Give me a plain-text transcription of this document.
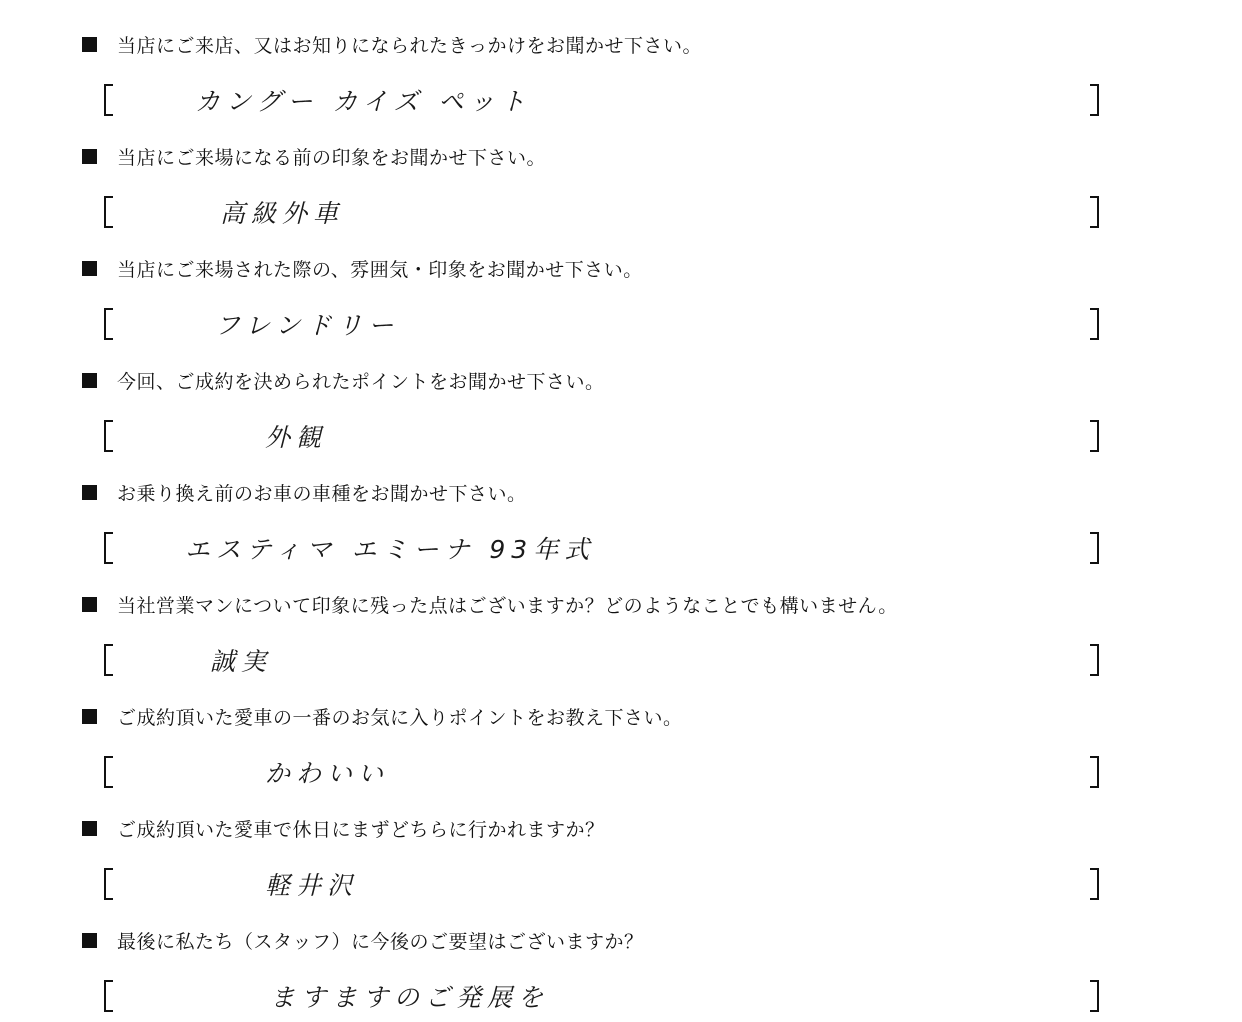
当店にご来店、又はお知りになられたきっかけをお聞かせ下さい。
カングー カイズ ペット
当店にご来場になる前の印象をお聞かせ下さい。
高級外車
当店にご来場された際の、雰囲気・印象をお聞かせ下さい。
フレンドリー
今回、ご成約を決められたポイントをお聞かせ下さい。
外観
お乗り換え前のお車の車種をお聞かせ下さい。
エスティマ エミーナ 93年式
当社営業マンについて印象に残った点はございますか？どのようなことでも構いません。
誠実
ご成約頂いた愛車の一番のお気に入りポイントをお教え下さい。
かわいい
ご成約頂いた愛車で休日にまずどちらに行かれますか？
軽井沢
最後に私たち（スタッフ）に今後のご要望はございますか？
ますますのご発展を
